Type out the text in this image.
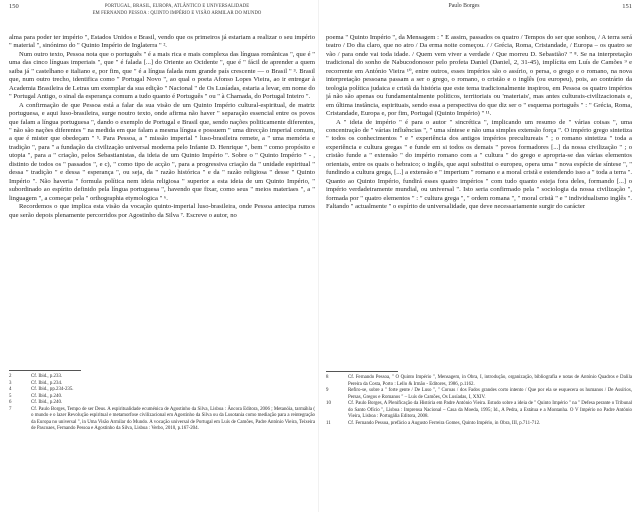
150	PORTUGAL, BRASIL, EUROPA, ATLÂNTICO E UNIVERSALIDADE
EM FERNANDO PESSOA : QUINTO IMPÉRIO E VISÃO ARMILAR DO MUNDO

alma para poder ter império ", Estados Unidos e Brasil, vendo que os primeiros já estariam a realizar o seu império " material ", sinónimo do " Quinto Império de Inglaterra " ².

Num outro texto, Pessoa nota que o português " é a mais rica e mais complexa das línguas românicas ", que é " uma das cinco línguas imperiais ", que " é falada [...] do Oriente ao Ocidente ", que é " fácil de aprender a quem saiba já " castelhano e italiano e, por fim, que " é a língua falada num grande país crescente — o Brasil " ³. Brasil que, num outro trecho, identifica como " Portugal Novo ", ao qual o poeta Afonso Lopes Vieira, ao ir entregar à Academia Brasileira de Letras um exemplar da sua edição " Nacional " de Os Lusíadas, estaria a levar, em nome do " Portugal Antigo, o sinal da esperança comum a tudo quanto é Português " ou " à Chamada, do Portugal Inteiro ".

A confirmação de que Pessoa está a falar da sua visão de um Quinto Império cultural-espiritual, de matriz portuguesa, e aqui luso-brasileira, surge noutro texto, onde afirma não haver " separação essencial entre os povos que falam a língua portuguesa ", dando o exemplo de Portugal e Brasil que, sendo nações politicamente diferentes, " não são nações diferentes " na medida em que falam a mesma língua e possuem " uma direcção imperial comum, a que é mister que obedeçam " ⁵. Para Pessoa, a " missão imperial " luso-brasileira remete, a " uma memória e tradição ", para " a fundação da civilização universal moderna pelo Infante D. Henrique ", bem " como propósito e utopia ", para a " criação, pelos Sebastianistas, da ideia de um Quinto Império ". Sobre o " Quinto Império " - , distinto de todos os " passados ", e c), " como tipo de acção ", para a progressiva criação da " unidade espiritual " dessa " tradição " e dessa " esperança ", ou seja, da " razão histórica " e da " razão religiosa " desse " Quinto Império ". Não haveria " formula política nem ideia religiosa " superior a esta ideia de um Quinto Império, " subordinado ao espírito definido pela língua portuguesa ", havendo que fixar, como seus " meios materiaes ", a " linguagem ", a começar pela " orthographia etymologica " ⁶.

Recordemos o que implica esta visão da vocação quinto-imperial luso-brasileira, onde Pessoa antecipa rumos que serão depois plenamente percorridos por Agostinho da Silva ⁷. Escreve o autor, no

2	Cf. Ibid., p.233.
3	Cf. Ibid., p.234.
4	Cf. Ibid., pp.234-235.
5	Cf. Ibid., p.240.
6	Cf. Ibid., p.240.
7	Cf. Paulo Borges, Tempo de ser Deus. A espiritualidade ecuménica de Agostinho da Silva, Lisboa : Âncora Editora, 2006 ; Metanóia, tarmáhla ( o mundo e o lazer Revolução espiritual e metamorfose civilizacional em Agostinho da Silva ou da Lusotania como mediação para a reintegração da Europa no universal ", in Uma Visão Armilar do Mundo. A vocação universal de Portugal em Luís de Camões, Padre António Vieira, Teixeira de Pascoaes, Fernando Pessoa e Agostinho da Silva, Lisboa : Verbo, 2010, p.167-204.
Paulo Borges	151

poema " Quinto Império ", da Mensagem : " E assim, passados os quatro / Tempos do ser que sonhou, / A terra será teatro / Do dia claro, que no atro / Da erma noite começou. / / Grécia, Roma, Cristandade, / Europa – os quatro se vão / para onde vai toda idade. / Quem vem viver a verdade / Que morreu D. Sebastião? " ⁸. Se na interpretação tradicional do sonho de Nabucodonosor pelo profeta Daniel (Daniel, 2, 31-45), implícita em Luís de Camões ⁹ e recorrente em António Vieira ¹⁰, entre outros, esses impérios são o assírio, o persa, o grego e o romano, na nova interpretação pessoana passam a ser o grego, o romano, o cristão e o inglês (ou europeu), pois, ao contrário da teologia política judaica e cristã da história que este tema tradicionalmente inspirou, em Pessoa os quatro impérios já não são apenas ou fundamentalmente políticos, territoriais ou 'materiais', mas antes culturais-civilizacionais e, em última instância, espirituais, sendo essa a perspectiva do que diz ser o " esquema português " : " Grécia, Roma, Cristandade, Europa e, por fim, Portugal (Quinto Império) " ¹¹.

A " ideia de império " é para o autor " sincrética ", implicando um resumo de " várias coisas ", uma concentração de " várias influências ", " uma síntese e não uma simples extensão força ". O império grego sintetiza " todos os conhecimentos " e " experiência dos antigos impérios precultureais " ; o romano sintetiza " toda a experiência e cultura gregas " e funde em si todos os demais " povos formadores [...] da nossa civilização " ; o cristão funde a " extensão " do império romano com a " cultura " do grego e apropria-se das várias elementos orientais, entre os quais o hebraico; o inglês, que aqui substitui o europeu, opera uma " nova espécie de síntese ", " fundindo a cultura grega, [...] a extensão e " imperium " romano e a moral cristã e estendendo isso a " toda a terra ". Quanto ao Quinto Império, fundirá esses quatro impérios " com tudo quanto esteja fora deles, formando [...] o império verdadeiramente mundial, ou universal ". Isto seria confirmado pela " sociologia da nossa civilização ", formada por " quatro elementos " : " cultura grega ", " ordem romana ", " moral cristã " e " individualismo inglês ". Faltando " actualmente " o espírito de universalidade, que deve necessariamente surgir do carácter

8	Cf. Fernando Pessoa, " O Quinto Império ", Mensagem, in Obra, I, introdução, organização, bibliografia e notas de António Quadros e Dalila Pereira da Costa, Porto : Lello & Irmão - Editores, 1986, p.1162.
9	Refiro-se, sobre a " forte gente / De Luso ", " Coroas / dos Fados grandes corto intento / Que por ela se esquecera os humanos / De Assírios, Persas, Gregos e Romanos " – Luís de Camões, Os Lusíadas, I, XXIV.
10	Cf. Paulo Borges, A Plenificação da História em Padre António Vieira. Estudo sobre a ideia de " Quinto Império " na " Defesa perante o Tribunal do Santo Ofício ", Lisboa : Imprensa Nacional – Casa da Moeda, 1995; Id., A Pedra, a Estátua e a Montanha. O V Império no Padre António Vieira, Lisboa : Portugália Editora, 2008.
11	Cf. Fernando Pessoa, prefácio a Augusto Ferreira Gomes, Quinto Império, in Obra, III, p.711-712.
